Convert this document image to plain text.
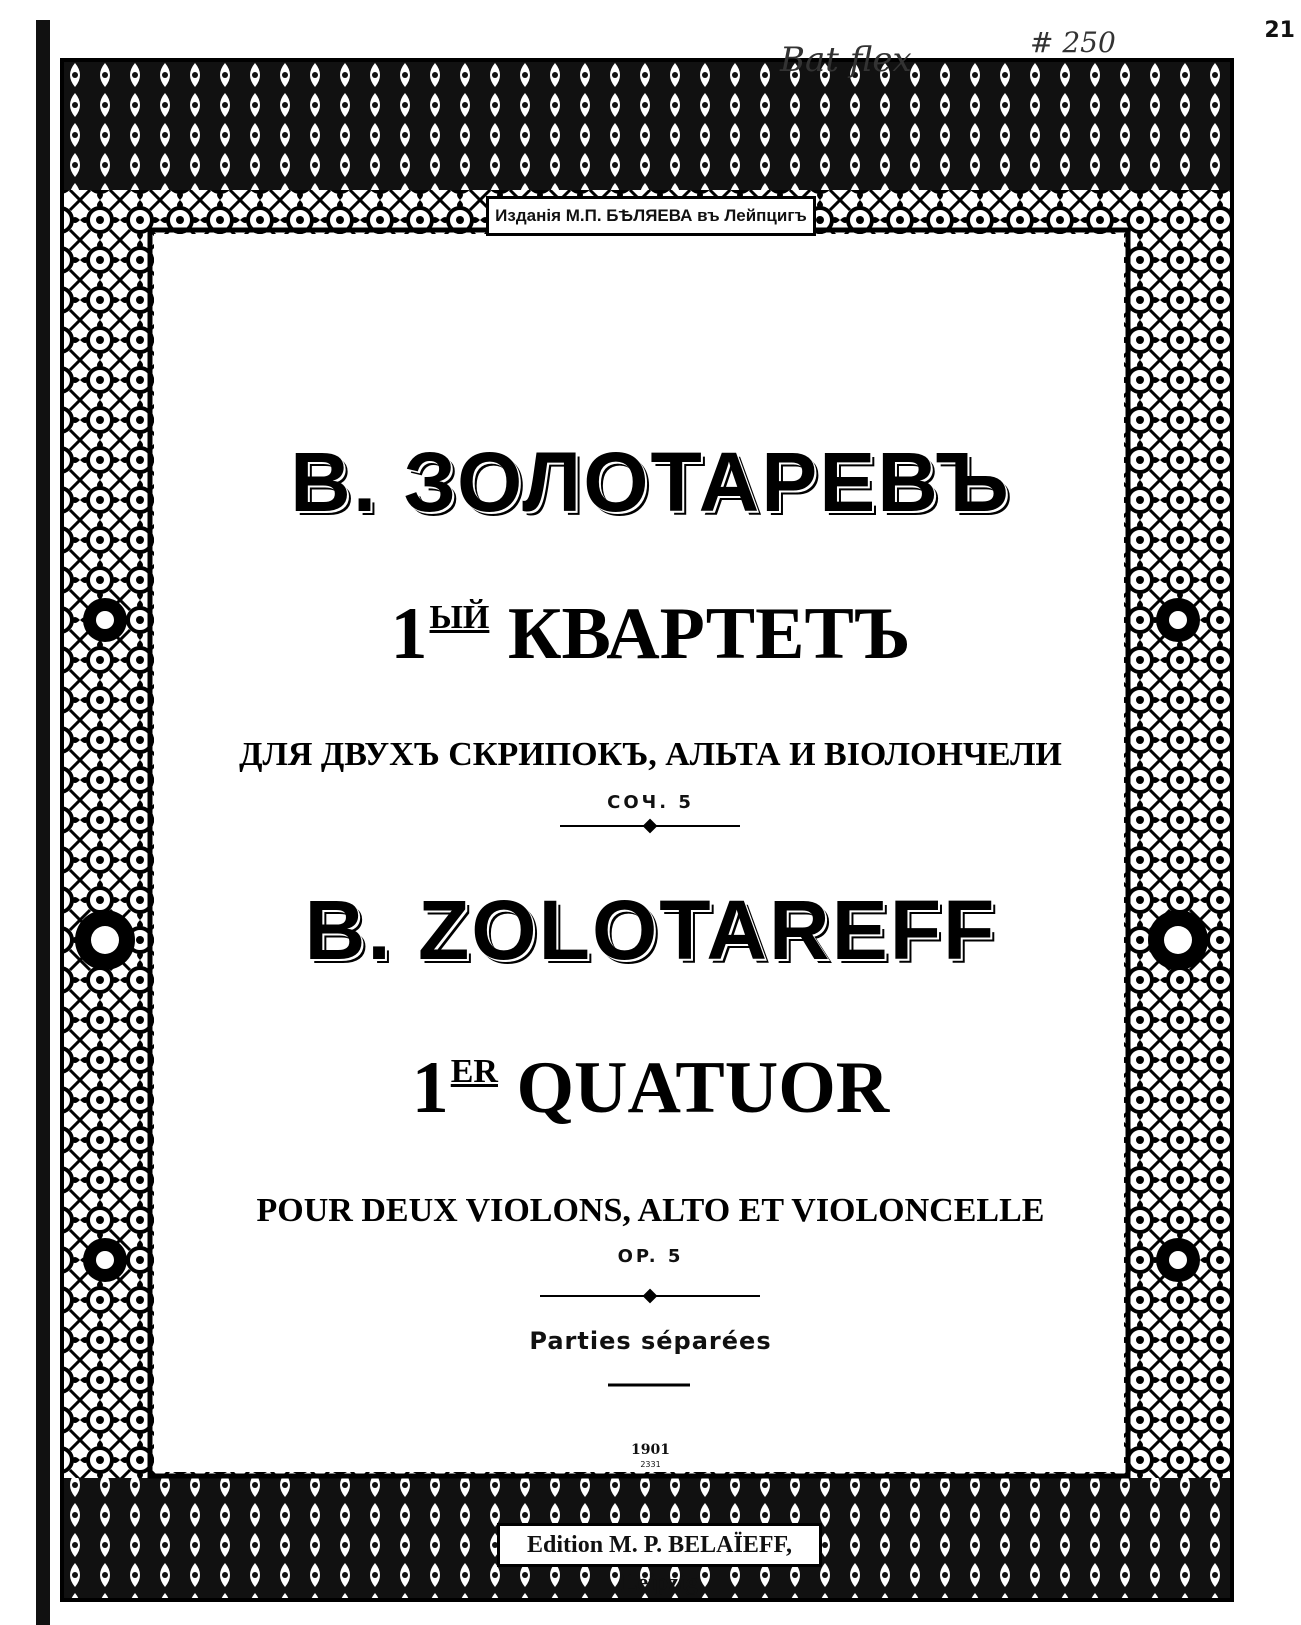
Изданія М.П. БѢЛЯЕВА въ Лейпцигъ
Bat flex	# 250	21
В. ЗОЛОТАРЕВЪ
1ЫЙ КВАРТЕТЪ
ДЛЯ ДВУХЪ СКРИПОКЪ, АЛЬТА И ВІОЛОНЧЕЛИ
СОЧ. 5
B. ZOLOTAREFF
1ER QUATUOR
POUR DEUX VIOLONS, ALTO ET VIOLONCELLE
OP. 5
Parties séparées
1901
2331
Edition M. P. BELAÏEFF, Leipzig
